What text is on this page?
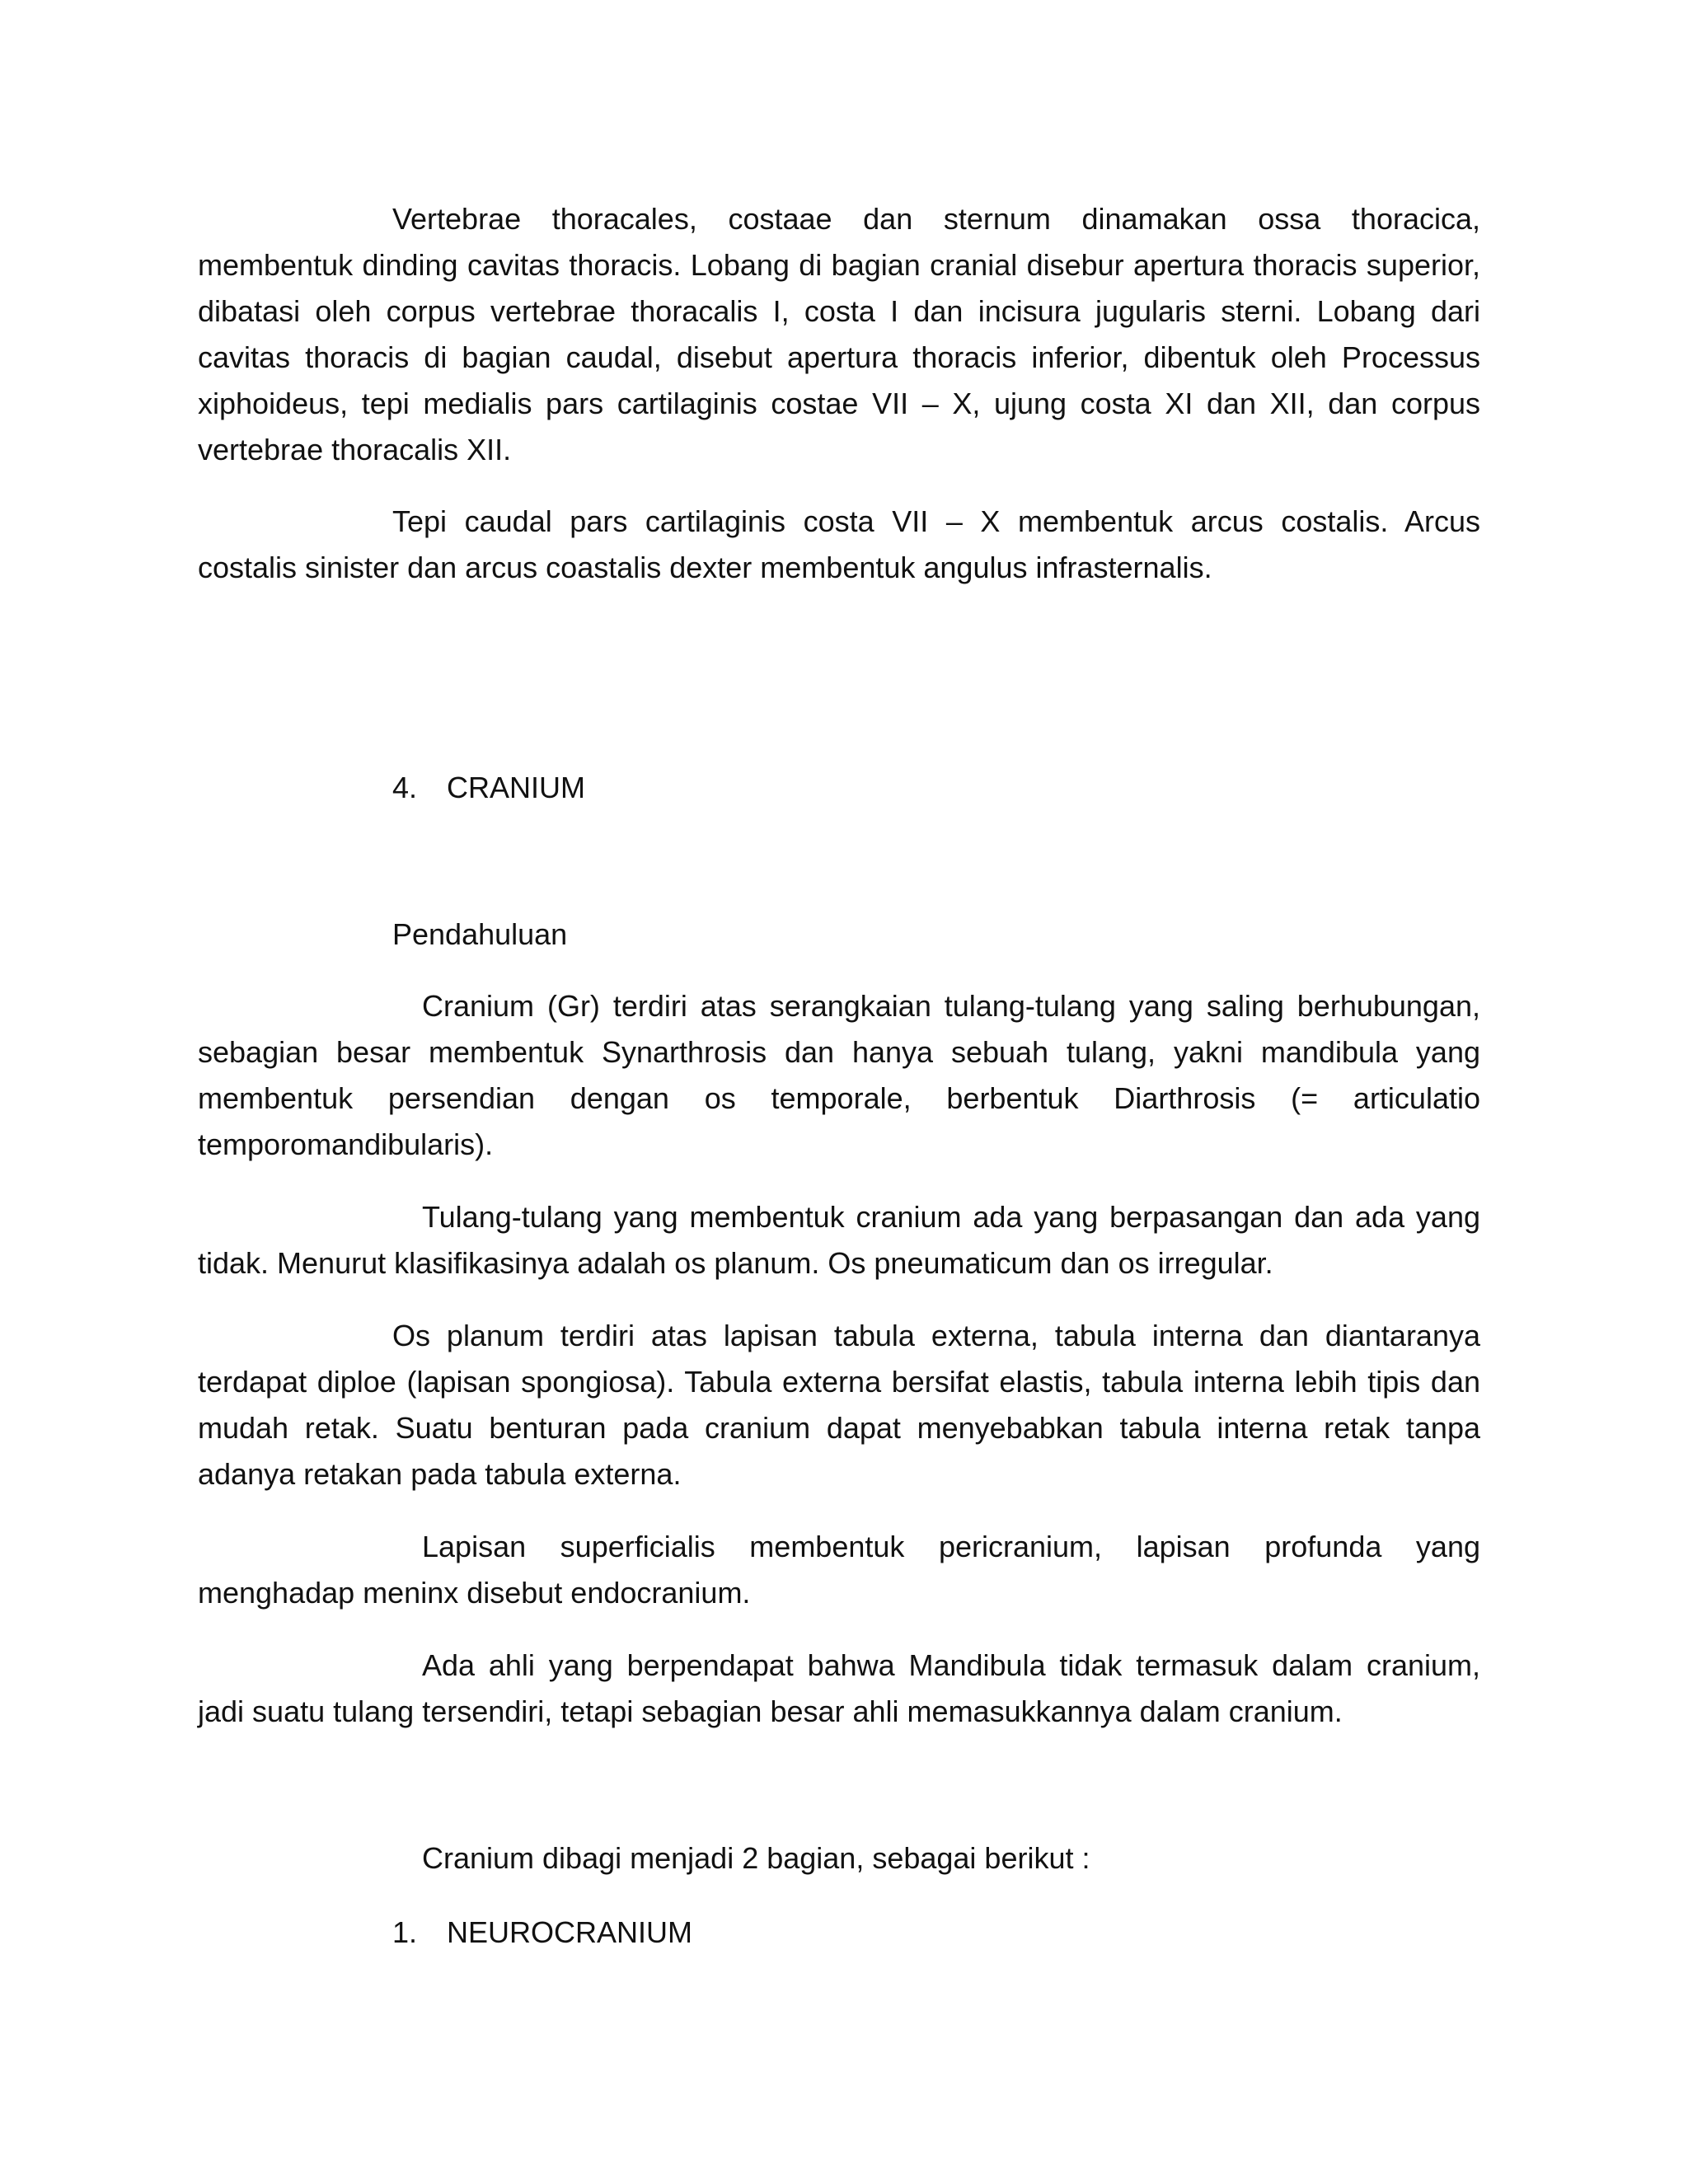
Vertebrae thoracales, costaae dan sternum dinamakan ossa thoracica, membentuk dinding cavitas thoracis. Lobang di bagian cranial disebur apertura thoracis superior, dibatasi oleh corpus vertebrae thoracalis I, costa I dan incisura jugularis sterni. Lobang dari cavitas thoracis di bagian caudal, disebut apertura thoracis inferior, dibentuk oleh Processus xiphoideus, tepi medialis pars cartilaginis costae VII – X, ujung costa XI dan XII, dan corpus vertebrae thoracalis XII.

Tepi caudal pars cartilaginis costa VII – X membentuk arcus costalis. Arcus costalis sinister dan arcus coastalis dexter membentuk angulus infrasternalis.

4. CRANIUM
Pendahuluan

Cranium (Gr) terdiri atas serangkaian tulang-tulang yang saling berhubungan, sebagian besar membentuk Synarthrosis dan hanya sebuah tulang, yakni mandibula yang membentuk persendian dengan os temporale, berbentuk Diarthrosis (= articulatio temporomandibularis).

Tulang-tulang yang membentuk cranium ada yang berpasangan dan ada yang tidak. Menurut klasifikasinya adalah os planum. Os pneumaticum dan os irregular.

Os planum terdiri atas lapisan tabula externa, tabula interna dan diantaranya terdapat diploe (lapisan spongiosa). Tabula externa bersifat elastis, tabula interna lebih tipis dan mudah retak. Suatu benturan pada cranium dapat menyebabkan tabula interna retak tanpa adanya retakan pada tabula externa.

Lapisan superficialis membentuk pericranium, lapisan profunda yang menghadap meninx disebut endocranium.

Ada ahli yang berpendapat bahwa Mandibula tidak termasuk dalam cranium, jadi suatu tulang tersendiri, tetapi sebagian besar ahli memasukkannya dalam cranium.

Cranium dibagi menjadi 2 bagian, sebagai berikut :
1. NEUROCRANIUM
